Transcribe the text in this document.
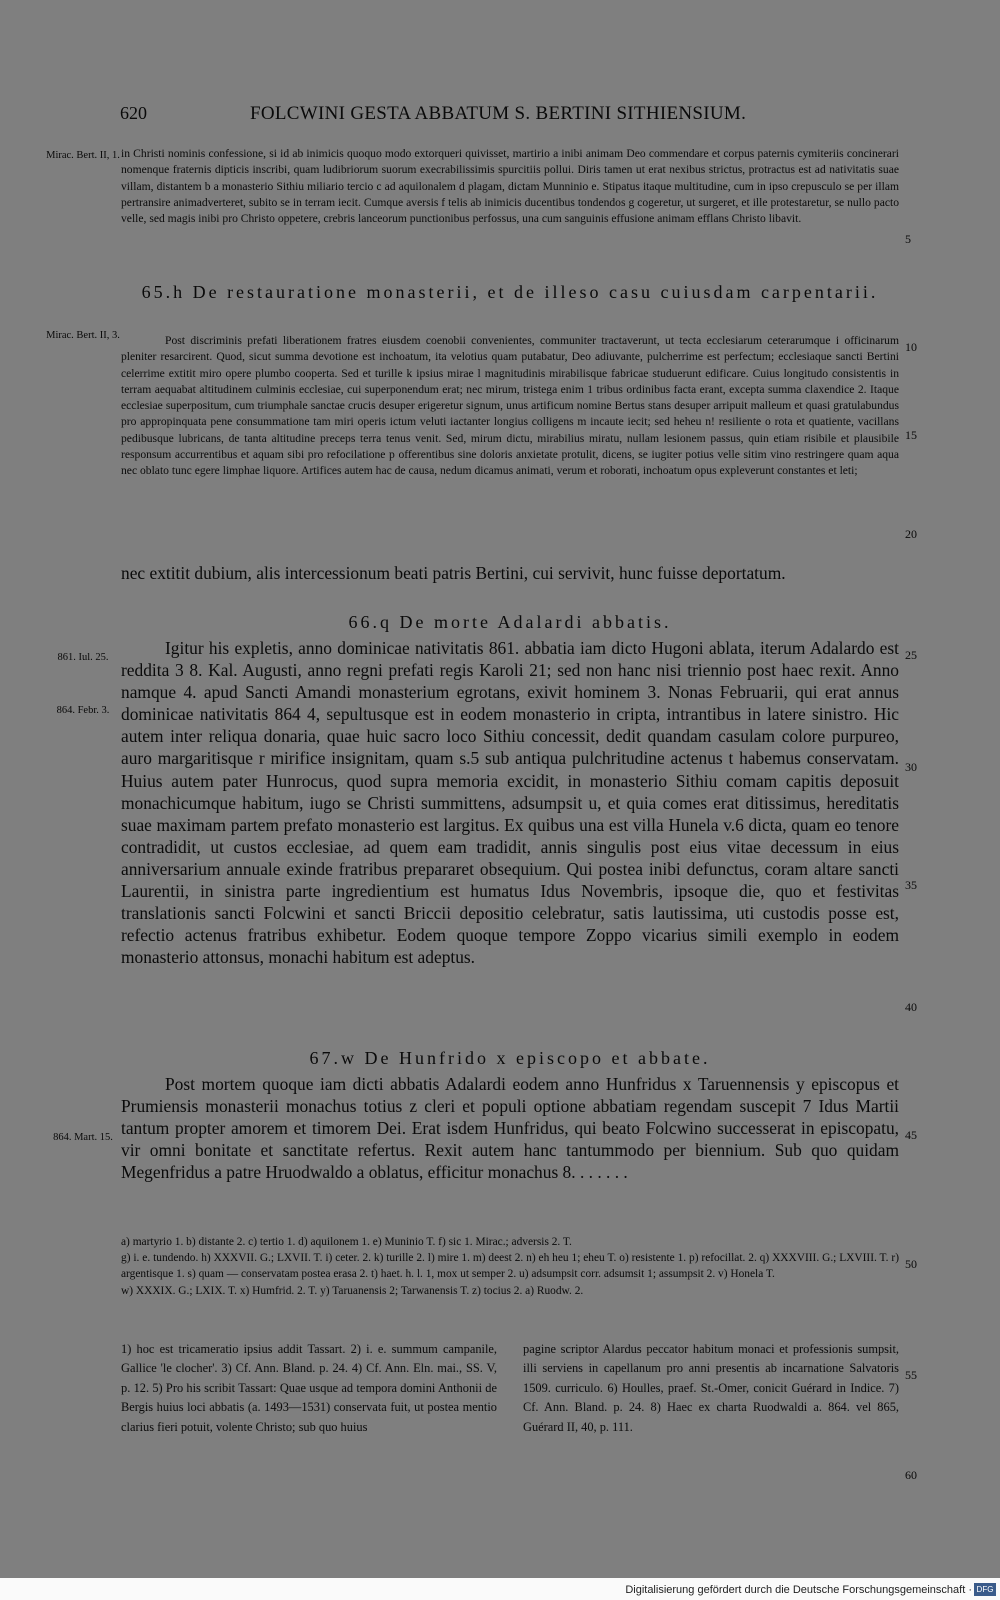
620	FOLCWINI GESTA ABBATUM S. BERTINI SITHIENSIUM.
Mirac. Bert. II, 1.
Mirac. Bert. II, 3.
861. Iul. 25.
864. Febr. 3.
864. Mart. 15.
5
10
15
20
25
30
35
40
45
50
55
60

in Christi nominis confessione, si id ab inimicis quoquo modo extorqueri quivisset, martirio a inibi animam Deo commendare et corpus paternis cymiteriis concinerari nomenque fraternis dipticis inscribi, quam ludibriorum suorum execrabilissimis spurcitiis pollui. Diris tamen ut erat nexibus strictus, protractus est ad nativitatis suae villam, distantem b a monasterio Sithiu miliario tercio c ad aquilonalem d plagam, dictam Munninio e. Stipatus itaque multitudine, cum in ipso crepusculo se per illam pertransire animadverteret, subito se in terram iecit. Cumque aversis f telis ab inimicis ducentibus tondendos g cogeretur, ut surgeret, et ille protestaretur, se nullo pacto velle, sed magis inibi pro Christo oppetere, crebris lanceorum punctionibus perfossus, una cum sanguinis effusione animam efflans Christo libavit.

65.h De restauratione monasterii, et de illeso casu cuiusdam carpentarii.

Post discriminis prefati liberationem fratres eiusdem coenobii convenientes, communiter tractaverunt, ut tecta ecclesiarum ceterarumque i officinarum pleniter resarcirent. Quod, sicut summa devotione est inchoatum, ita velotius quam putabatur, Deo adiuvante, pulcherrime est perfectum; ecclesiaque sancti Bertini celerrime extitit miro opere plumbo cooperta. Sed et turille k ipsius mirae l magnitudinis mirabilisque fabricae studuerunt edificare. Cuius longitudo consistentis in terram aequabat altitudinem culminis ecclesiae, cui superponendum erat; nec mirum, tristega enim 1 tribus ordinibus facta erant, excepta summa claxendice 2. Itaque ecclesiae superpositum, cum triumphale sanctae crucis desuper erigeretur signum, unus artificum nomine Bertus stans desuper arripuit malleum et quasi gratulabundus pro appropinquata pene consummatione tam miri operis ictum veluti iactanter longius colligens m incaute iecit; sed heheu n! resiliente o rota et quatiente, vacillans pedibusque lubricans, de tanta altitudine preceps terra tenus venit. Sed, mirum dictu, mirabilius miratu, nullam lesionem passus, quin etiam risibile et plausibile responsum accurrentibus et aquam sibi pro refocilatione p offerentibus sine doloris anxietate protulit, dicens, se iugiter potius velle sitim vino restringere quam aqua nec oblato tunc egere limphae liquore. Artifices autem hac de causa, nedum dicamus animati, verum et roborati, inchoatum opus expleverunt constantes et leti;

nec extitit dubium, alis intercessionum beati patris Bertini, cui servivit, hunc fuisse deportatum.

66.q De morte Adalardi abbatis.

Igitur his expletis, anno dominicae nativitatis 861. abbatia iam dicto Hugoni ablata, iterum Adalardo est reddita 3 8. Kal. Augusti, anno regni prefati regis Karoli 21; sed non hanc nisi triennio post haec rexit. Anno namque 4. apud Sancti Amandi monasterium egrotans, exivit hominem 3. Nonas Februarii, qui erat annus dominicae nativitatis 864 4, sepultusque est in eodem monasterio in cripta, intrantibus in latere sinistro. Hic autem inter reliqua donaria, quae huic sacro loco Sithiu concessit, dedit quandam casulam colore purpureo, auro margaritisque r mirifice insignitam, quam s.5 sub antiqua pulchritudine actenus t habemus conservatam. Huius autem pater Hunrocus, quod supra memoria excidit, in monasterio Sithiu comam capitis deposuit monachicumque habitum, iugo se Christi summittens, adsumpsit u, et quia comes erat ditissimus, hereditatis suae maximam partem prefato monasterio est largitus. Ex quibus una est villa Hunela v.6 dicta, quam eo tenore contradidit, ut custos ecclesiae, ad quem eam tradidit, annis singulis post eius vitae decessum in eius anniversarium annuale exinde fratribus prepararet obsequium. Qui postea inibi defunctus, coram altare sancti Laurentii, in sinistra parte ingredientium est humatus Idus Novembris, ipsoque die, quo et festivitas translationis sancti Folcwini et sancti Briccii depositio celebratur, satis lautissima, uti custodis posse est, refectio actenus fratribus exhibetur. Eodem quoque tempore Zoppo vicarius simili exemplo in eodem monasterio attonsus, monachi habitum est adeptus.

67.w De Hunfrido x episcopo et abbate.

Post mortem quoque iam dicti abbatis Adalardi eodem anno Hunfridus x Taruennensis y episcopus et Prumiensis monasterii monachus totius z cleri et populi optione abbatiam regendam suscepit 7 Idus Martii tantum propter amorem et timorem Dei. Erat isdem Hunfridus, qui beato Folcwino successerat in episcopatu, vir omni bonitate et sanctitate refertus. Rexit autem hanc tantummodo per biennium. Sub quo quidam Megenfridus a patre Hruodwaldo a oblatus, efficitur monachus 8. . . . . . .

a) martyrio 1. b) distante 2. c) tertio 1. d) aquilonem 1. e) Muninio T. f) sic 1. Mirac.; adversis 2. T.

g) i. e. tundendo. h) XXXVII. G.; LXVII. T. i) ceter. 2. k) turille 2. l) mire 1. m) deest 2. n) eh heu 1; eheu T. o) resistente 1. p) refocillat. 2. q) XXXVIII. G.; LXVIII. T. r) argentisque 1. s) quam — conservatam postea erasa 2. t) haet. h. l. 1, mox ut semper 2. u) adsumpsit corr. adsumsit 1; assumpsit 2. v) Honela T.

w) XXXIX. G.; LXIX. T. x) Humfrid. 2. T. y) Taruanensis 2; Tarwanensis T. z) tocius 2. a) Ruodw. 2.

1) hoc est tricameratio ipsius addit Tassart. 2) i. e. summum campanile, Gallice 'le clocher'. 3) Cf. Ann. Bland. p. 24. 4) Cf. Ann. Eln. mai., SS. V, p. 12. 5) Pro his scribit Tassart: Quae usque ad tempora domini Anthonii de Bergis huius loci abbatis (a. 1493—1531) conservata fuit, ut postea mentio clarius fieri potuit, volente Christo; sub quo huius

pagine scriptor Alardus peccator habitum monaci et professionis sumpsit, illi serviens in capellanum pro anni presentis ab incarnatione Salvatoris 1509. curriculo. 6) Houlles, praef. St.-Omer, conicit Guérard in Indice. 7) Cf. Ann. Bland. p. 24. 8) Haec ex charta Ruodwaldi a. 864. vel 865, Guérard II, 40, p. 111.

Digitalisierung gefördert durch die Deutsche Forschungsgemeinschaft · DFG
